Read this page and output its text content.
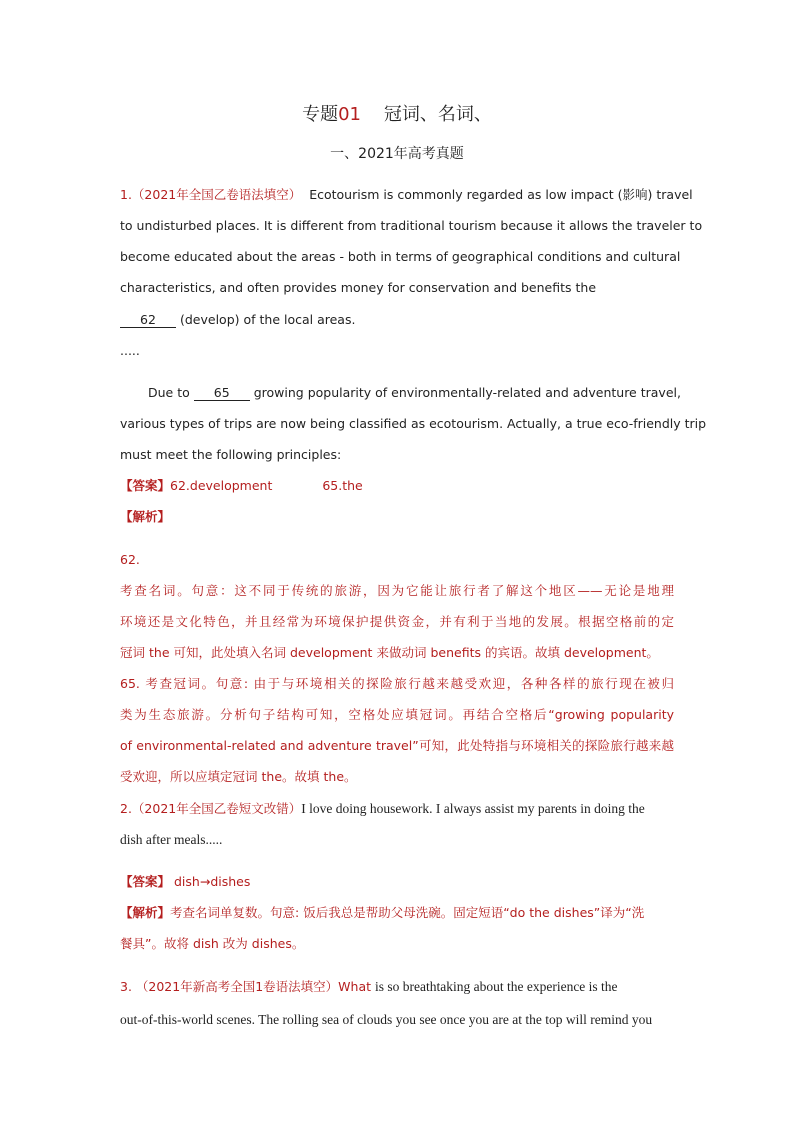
专题01 冠词、名词、
一、2021年高考真题
1.（2021年全国乙卷语法填空） Ecotourism is commonly regarded as low impact (影响) travel
to undisturbed places. It is different from traditional tourism because it allows the traveler to
become educated about the areas - both in terms of geographical conditions and cultural
characteristics, and often provides money for conservation and benefits the
62 (develop) of the local areas.
.....
Due to 65 growing popularity of environmentally-related and adventure travel,
various types of trips are now being classified as ecotourism. Actually, a true eco-friendly trip
must meet the following principles:
【答案】62.development	65.the
【解析】
62.
考查名词。句意：这不同于传统的旅游，因为它能让旅行者了解这个地区——无论是地理
环境还是文化特色，并且经常为环境保护提供资金，并有利于当地的发展。根据空格前的定
冠词 the 可知，此处填入名词 development 来做动词 benefits 的宾语。故填 development。
65. 考查冠词。句意: 由于与环境相关的探险旅行越来越受欢迎，各种各样的旅行现在被归
类为生态旅游。分析句子结构可知，空格处应填冠词。再结合空格后“growing popularity
of environmental-related and adventure travel”可知，此处特指与环境相关的探险旅行越来越
受欢迎，所以应填定冠词 the。故填 the。
2.（2021年全国乙卷短文改错）I love doing housework. I always assist my parents in doing the
dish after meals.....
【答案】 dish→dishes
【解析】考查名词单复数。句意: 饭后我总是帮助父母洗碗。固定短语“do the dishes”译为“洗
餐具”。故将 dish 改为 dishes。
3. （2021年新高考全国1卷语法填空）What is so breathtaking about the experience is the
out-of-this-world scenes. The rolling sea of clouds you see once you are at the top will remind you
